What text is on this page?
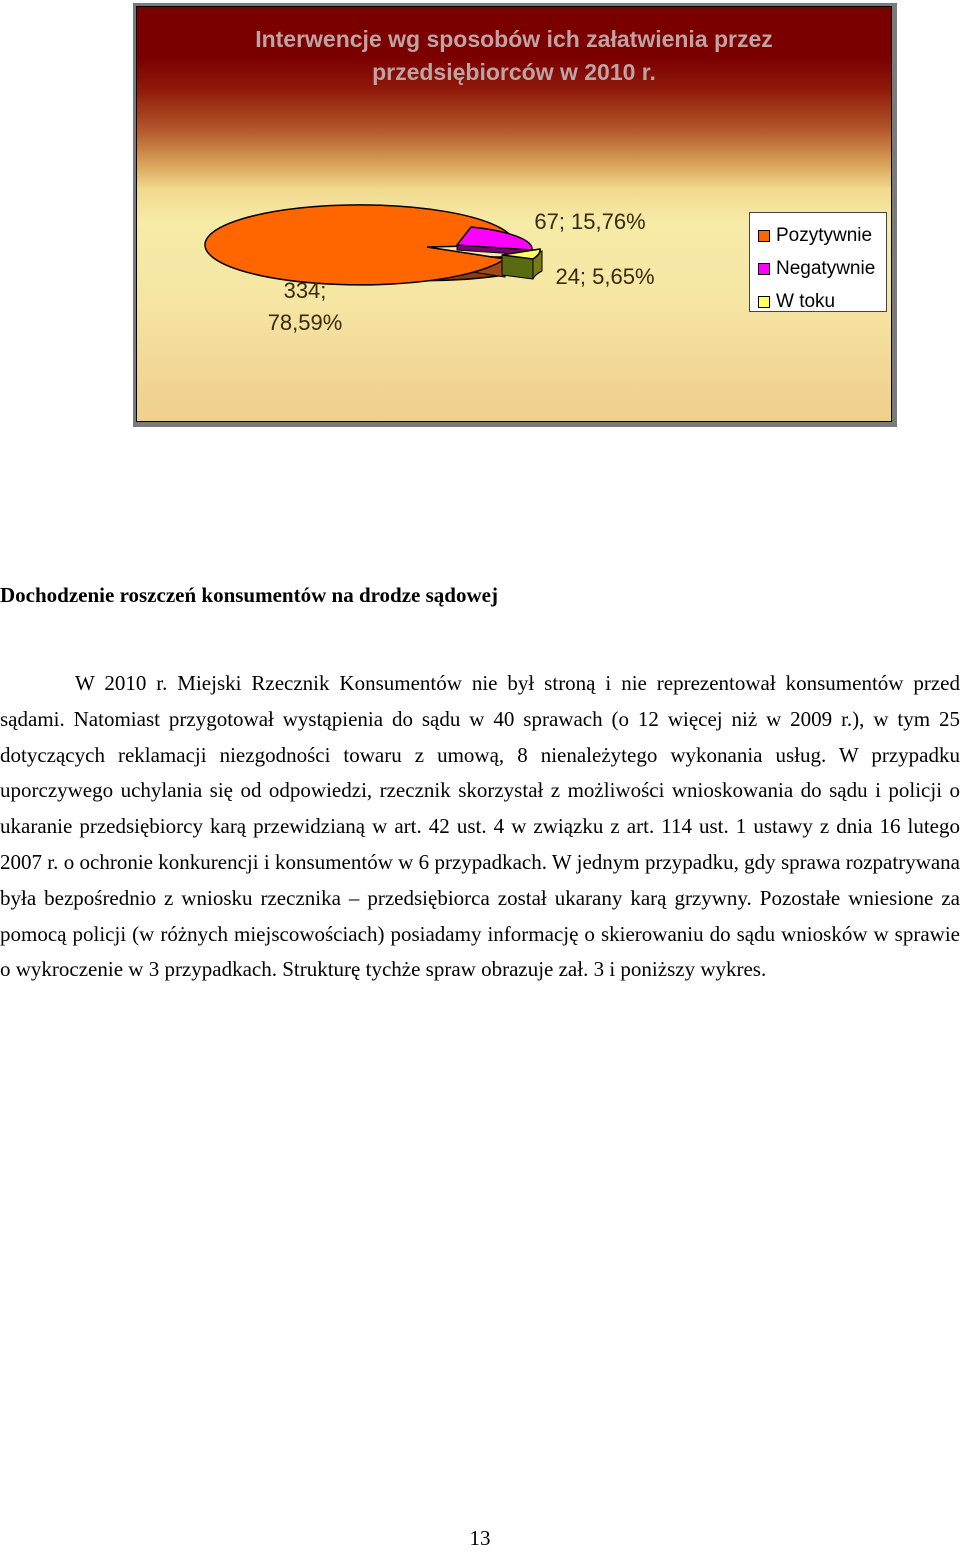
Interwencje wg sposobów ich załatwienia przez przedsiębiorców w 2010 r.
334;
78,59%
67; 15,76%
24; 5,65%
Pozytywnie
Negatywnie
W toku
Dochodzenie roszczeń konsumentów na drodze sądowej

W 2010 r. Miejski Rzecznik Konsumentów nie był stroną i nie reprezentował konsumentów przed sądami. Natomiast przygotował wystąpienia do sądu w 40 sprawach (o 12 więcej niż w 2009 r.), w tym 25 dotyczących reklamacji niezgodności towaru z umową, 8 nienależytego wykonania usług. W przypadku uporczywego uchylania się od odpowiedzi, rzecznik skorzystał z możliwości wnioskowania do sądu i policji o ukaranie przedsiębiorcy karą przewidzianą w art. 42 ust. 4 w związku z art. 114 ust. 1 ustawy z dnia 16 lutego 2007 r. o ochronie konkurencji i konsumentów w 6 przypadkach. W jednym przypadku, gdy sprawa rozpatrywana była bezpośrednio z wniosku rzecznika – przedsiębiorca został ukarany karą grzywny. Pozostałe wniesione za pomocą policji (w różnych miejscowościach) posiadamy informację o skierowaniu do sądu wniosków w sprawie o wykroczenie w 3 przypadkach. Strukturę tychże spraw obrazuje zał. 3 i poniższy wykres.

13
